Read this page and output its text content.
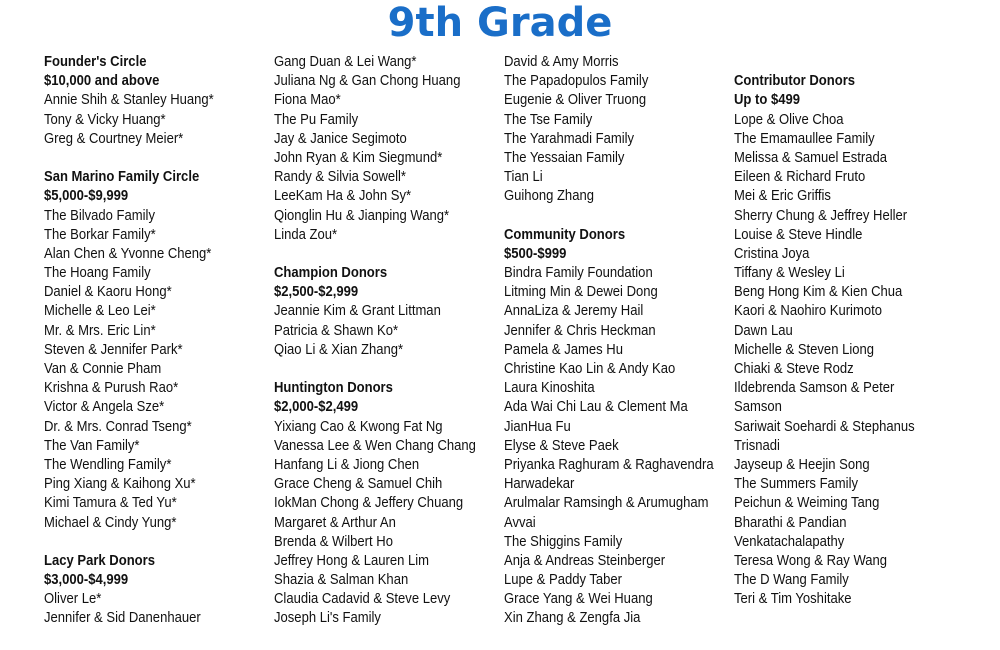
9th Grade
Founder's Circle
$10,000 and above
Annie Shih & Stanley Huang*
Tony & Vicky Huang*
Greg & Courtney Meier*
San Marino Family Circle
$5,000-$9,999
The Bilvado Family
The Borkar Family*
Alan Chen & Yvonne Cheng*
The Hoang Family
Daniel & Kaoru Hong*
Michelle & Leo Lei*
Mr. & Mrs. Eric Lin*
Steven & Jennifer Park*
Van & Connie Pham
Krishna & Purush Rao*
Victor & Angela Sze*
Dr. & Mrs. Conrad Tseng*
The Van Family*
The Wendling Family*
Ping Xiang & Kaihong Xu*
Kimi Tamura & Ted Yu*
Michael & Cindy Yung*
Lacy Park Donors
$3,000-$4,999
Oliver Le*
Jennifer & Sid Danenhauer
Gang Duan & Lei Wang*
Juliana Ng & Gan Chong Huang
Fiona Mao*
The Pu Family
Jay & Janice Segimoto
John Ryan & Kim Siegmund*
Randy & Silvia Sowell*
LeeKam Ha & John Sy*
Qionglin Hu & Jianping Wang*
Linda Zou*
Champion Donors
$2,500-$2,999
Jeannie Kim & Grant Littman
Patricia & Shawn Ko*
Qiao Li & Xian Zhang*
Huntington Donors
$2,000-$2,499
Yixiang Cao & Kwong Fat Ng
Vanessa Lee & Wen Chang Chang
Hanfang Li & Jiong Chen
Grace Cheng & Samuel Chih
IokMan Chong & Jeffery Chuang
Margaret & Arthur An
Brenda & Wilbert Ho
Jeffrey Hong & Lauren Lim
Shazia & Salman Khan
Claudia Cadavid & Steve Levy
Joseph Li's Family
David & Amy Morris
The Papadopulos Family
Eugenie & Oliver Truong
The Tse Family
The Yarahmadi Family
The Yessaian Family
Tian Li
Guihong Zhang
Community Donors
$500-$999
Bindra Family Foundation
Litming Min & Dewei Dong
AnnaLiza & Jeremy Hail
Jennifer & Chris Heckman
Pamela & James Hu
Christine Kao Lin & Andy Kao
Laura Kinoshita
Ada Wai Chi Lau & Clement Ma
JianHua Fu
Elyse & Steve Paek
Priyanka Raghuram & Raghavendra
Harwadekar
Arulmalar Ramsingh & Arumugham
Avvai
The Shiggins Family
Anja & Andreas Steinberger
Lupe & Paddy Taber
Grace Yang & Wei Huang
Xin Zhang & Zengfa Jia
Contributor Donors
Up to $499
Lope & Olive Choa
The Emamaullee Family
Melissa & Samuel Estrada
Eileen & Richard Fruto
Mei & Eric Griffis
Sherry Chung & Jeffrey Heller
Louise & Steve Hindle
Cristina Joya
Tiffany & Wesley Li
Beng Hong Kim & Kien Chua
Kaori & Naohiro Kurimoto
Dawn Lau
Michelle & Steven Liong
Chiaki & Steve Rodz
Ildebrenda Samson & Peter
Samson
Sariwait Soehardi & Stephanus
Trisnadi
Jayseup & Heejin Song
The Summers Family
Peichun & Weiming Tang
Bharathi & Pandian
Venkatachalapathy
Teresa Wong & Ray Wang
The D Wang Family
Teri & Tim Yoshitake
